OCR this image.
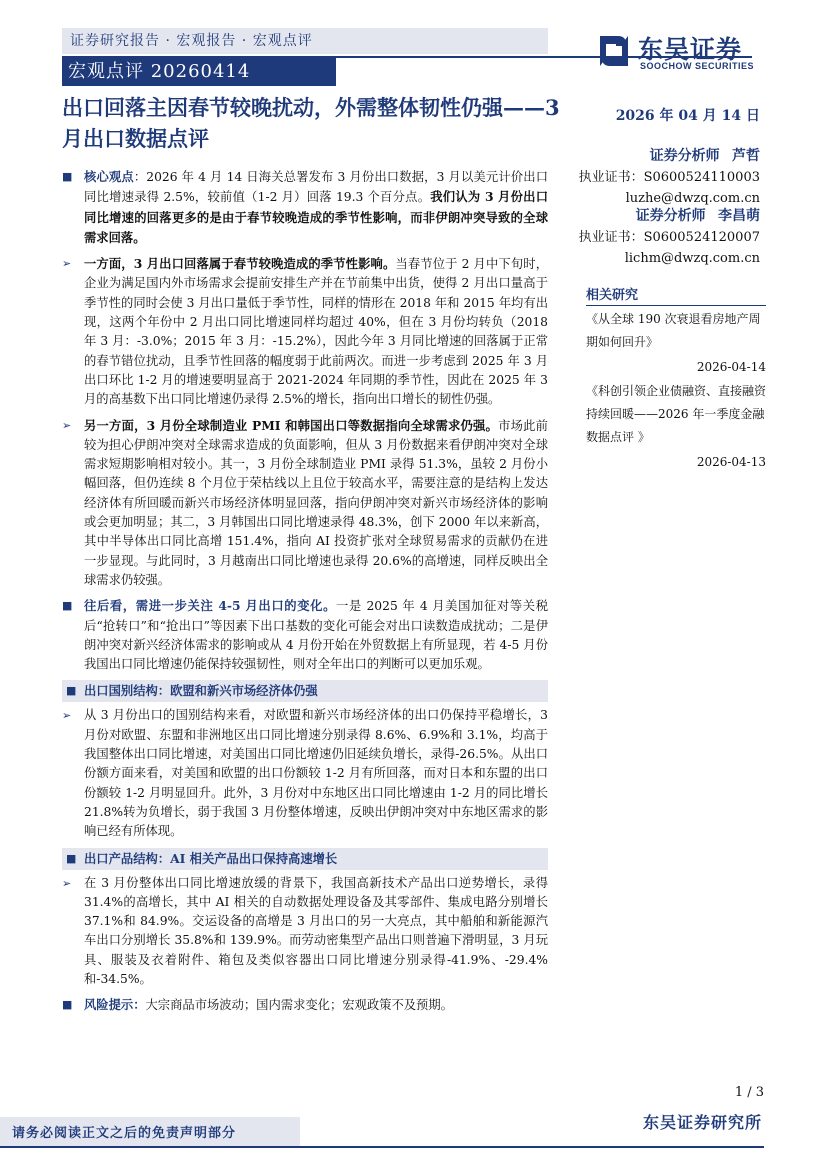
证券研究报告 · 宏观报告 · 宏观点评
宏观点评 20260414
出口回落主因春节较晚扰动，外需整体韧性仍强——3 月出口数据点评
东吴证券
SOOCHOW SECURITIES
2026 年 04 月 14 日
证券分析师 芦哲
执业证书：S0600524110003
luzhe@dwzq.com.cn
证券分析师 李昌萌
执业证书：S0600524120007
lichm@dwzq.com.cn
相关研究
《从全球 190 次衰退看房地产周期如何回升》
2026-04-14
《科创引领企业债融资、直接融资持续回暖——2026 年一季度金融数据点评 》
2026-04-13
■ 核心观点：2026 年 4 月 14 日海关总署发布 3 月份出口数据，3 月以美元计价出口同比增速录得 2.5%，较前值（1-2 月）回落 19.3 个百分点。我们认为 3 月份出口同比增速的回落更多的是由于春节较晚造成的季节性影响，而非伊朗冲突导致的全球需求回落。
➢	一方面，3 月出口回落属于春节较晚造成的季节性影响。当春节位于 2 月中下旬时，企业为满足国内外市场需求会提前安排生产并在节前集中出货，使得 2 月出口量高于季节性的同时会使 3 月出口量低于季节性，同样的情形在 2018 年和 2015 年均有出现，这两个年份中 2 月出口同比增速同样均超过 40%，但在 3 月份均转负（2018 年 3 月：-3.0%；2015 年 3 月：-15.2%），因此今年 3 月同比增速的回落属于正常的春节错位扰动，且季节性回落的幅度弱于此前两次。而进一步考虑到 2025 年 3 月出口环比 1-2 月的增速要明显高于 2021-2024 年同期的季节性，因此在 2025 年 3 月的高基数下出口同比增速仍录得 2.5%的增长，指向出口增长的韧性仍强。
➢	另一方面，3 月份全球制造业 PMI 和韩国出口等数据指向全球需求仍强。市场此前较为担心伊朗冲突对全球需求造成的负面影响，但从 3 月份数据来看伊朗冲突对全球需求短期影响相对较小。其一，3 月份全球制造业 PMI 录得 51.3%，虽较 2 月份小幅回落，但仍连续 8 个月位于荣枯线以上且位于较高水平，需要注意的是结构上发达经济体有所回暖而新兴市场经济体明显回落，指向伊朗冲突对新兴市场经济体的影响或会更加明显；其二，3 月韩国出口同比增速录得 48.3%，创下 2000 年以来新高，其中半导体出口同比高增 151.4%，指向 AI 投资扩张对全球贸易需求的贡献仍在进一步显现。与此同时，3 月越南出口同比增速也录得 20.6%的高增速，同样反映出全球需求仍较强。
■ 往后看，需进一步关注 4-5 月出口的变化。一是 2025 年 4 月美国加征对等关税后“抢转口”和“抢出口”等因素下出口基数的变化可能会对出口读数造成扰动；二是伊朗冲突对新兴经济体需求的影响或从 4 月份开始在外贸数据上有所显现，若 4-5 月份我国出口同比增速仍能保持较强韧性，则对全年出口的判断可以更加乐观。
■ 出口国别结构：欧盟和新兴市场经济体仍强
➢	从 3 月份出口的国别结构来看，对欧盟和新兴市场经济体的出口仍保持平稳增长，3 月份对欧盟、东盟和非洲地区出口同比增速分别录得 8.6%、6.9%和 3.1%，均高于我国整体出口同比增速，对美国出口同比增速仍旧延续负增长，录得-26.5%。从出口份额方面来看，对美国和欧盟的出口份额较 1-2 月有所回落，而对日本和东盟的出口份额较 1-2 月明显回升。此外，3 月份对中东地区出口同比增速由 1-2 月的同比增长 21.8%转为负增长，弱于我国 3 月份整体增速，反映出伊朗冲突对中东地区需求的影响已经有所体现。
■ 出口产品结构：AI 相关产品出口保持高速增长
➢	在 3 月份整体出口同比增速放缓的背景下，我国高新技术产品出口逆势增长，录得 31.4%的高增长，其中 AI 相关的自动数据处理设备及其零部件、集成电路分别增长 37.1%和 84.9%。交运设备的高增是 3 月出口的另一大亮点，其中船舶和新能源汽车出口分别增长 35.8%和 139.9%。而劳动密集型产品出口则普遍下滑明显，3 月玩具、服装及衣着附件、箱包及类似容器出口同比增速分别录得-41.9%、-29.4%和-34.5%。
■ 风险提示：大宗商品市场波动；国内需求变化；宏观政策不及预期。
1 / 3
请务必阅读正文之后的免责声明部分
东吴证券研究所
